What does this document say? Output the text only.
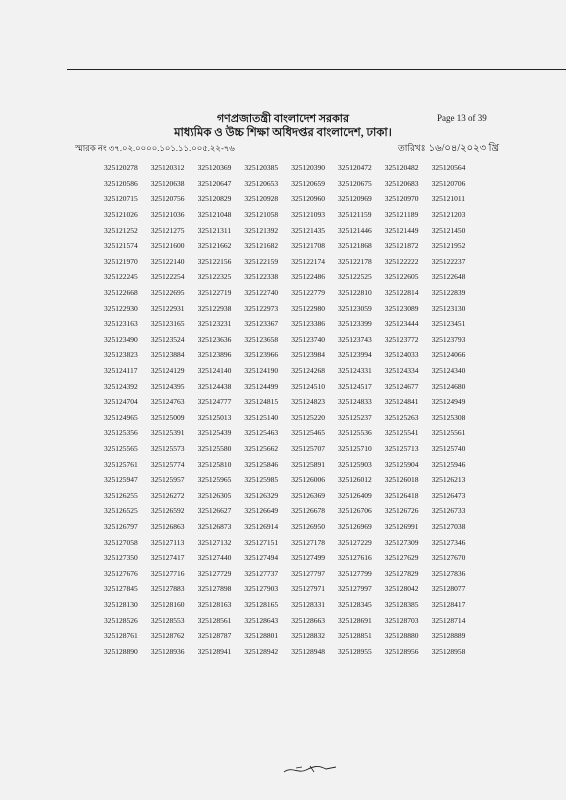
গণপ্রজাতন্ত্রী বাংলাদেশ সরকার	Page 13 of 39
মাধ্যমিক ও উচ্চ শিক্ষা অধিদপ্তর বাংলাদেশ, ঢাকা।
স্মারক নং ৩৭.০২.০০০০.১০১.১১.০০৫.২২-৭৬	তারিখঃ ১৬/০৪/২০২৩ খ্রি
325120278	325120312	325120369	325120385	325120390	325120472	325120482	325120564
325120586	325120638	325120647	325120653	325120659	325120675	325120683	325120706
325120715	325120756	325120829	325120928	325120960	325120969	325120970	325121011
325121026	325121036	325121048	325121058	325121093	325121159	325121189	325121203
325121252	325121275	325121311	325121392	325121435	325121446	325121449	325121450
325121574	325121600	325121662	325121682	325121708	325121868	325121872	325121952
325121970	325122140	325122156	325122159	325122174	325122178	325122222	325122237
325122245	325122254	325122325	325122338	325122486	325122525	325122605	325122648
325122668	325122695	325122719	325122740	325122779	325122810	325122814	325122839
325122930	325122931	325122938	325122973	325122980	325123059	325123089	325123130
325123163	325123165	325123231	325123367	325123386	325123399	325123444	325123451
325123490	325123524	325123636	325123658	325123740	325123743	325123772	325123793
325123823	325123884	325123896	325123966	325123984	325123994	325124033	325124066
325124117	325124129	325124140	325124190	325124268	325124331	325124334	325124340
325124392	325124395	325124438	325124499	325124510	325124517	325124677	325124680
325124704	325124763	325124777	325124815	325124823	325124833	325124841	325124949
325124965	325125009	325125013	325125140	325125220	325125237	325125263	325125308
325125356	325125391	325125439	325125463	325125465	325125536	325125541	325125561
325125565	325125573	325125580	325125662	325125707	325125710	325125713	325125740
325125761	325125774	325125810	325125846	325125891	325125903	325125904	325125946
325125947	325125957	325125965	325125985	325126006	325126012	325126018	325126213
325126255	325126272	325126305	325126329	325126369	325126409	325126418	325126473
325126525	325126592	325126627	325126649	325126678	325126706	325126726	325126733
325126797	325126863	325126873	325126914	325126950	325126969	325126991	325127038
325127058	325127113	325127132	325127151	325127178	325127229	325127309	325127346
325127350	325127417	325127440	325127494	325127499	325127616	325127629	325127670
325127676	325127716	325127729	325127737	325127797	325127799	325127829	325127836
325127845	325127883	325127898	325127903	325127971	325127997	325128042	325128077
325128130	325128160	325128163	325128165	325128331	325128345	325128385	325128417
325128526	325128553	325128561	325128643	325128663	325128691	325128703	325128714
325128761	325128762	325128787	325128801	325128832	325128851	325128880	325128889
325128890	325128936	325128941	325128942	325128948	325128955	325128956	325128958
